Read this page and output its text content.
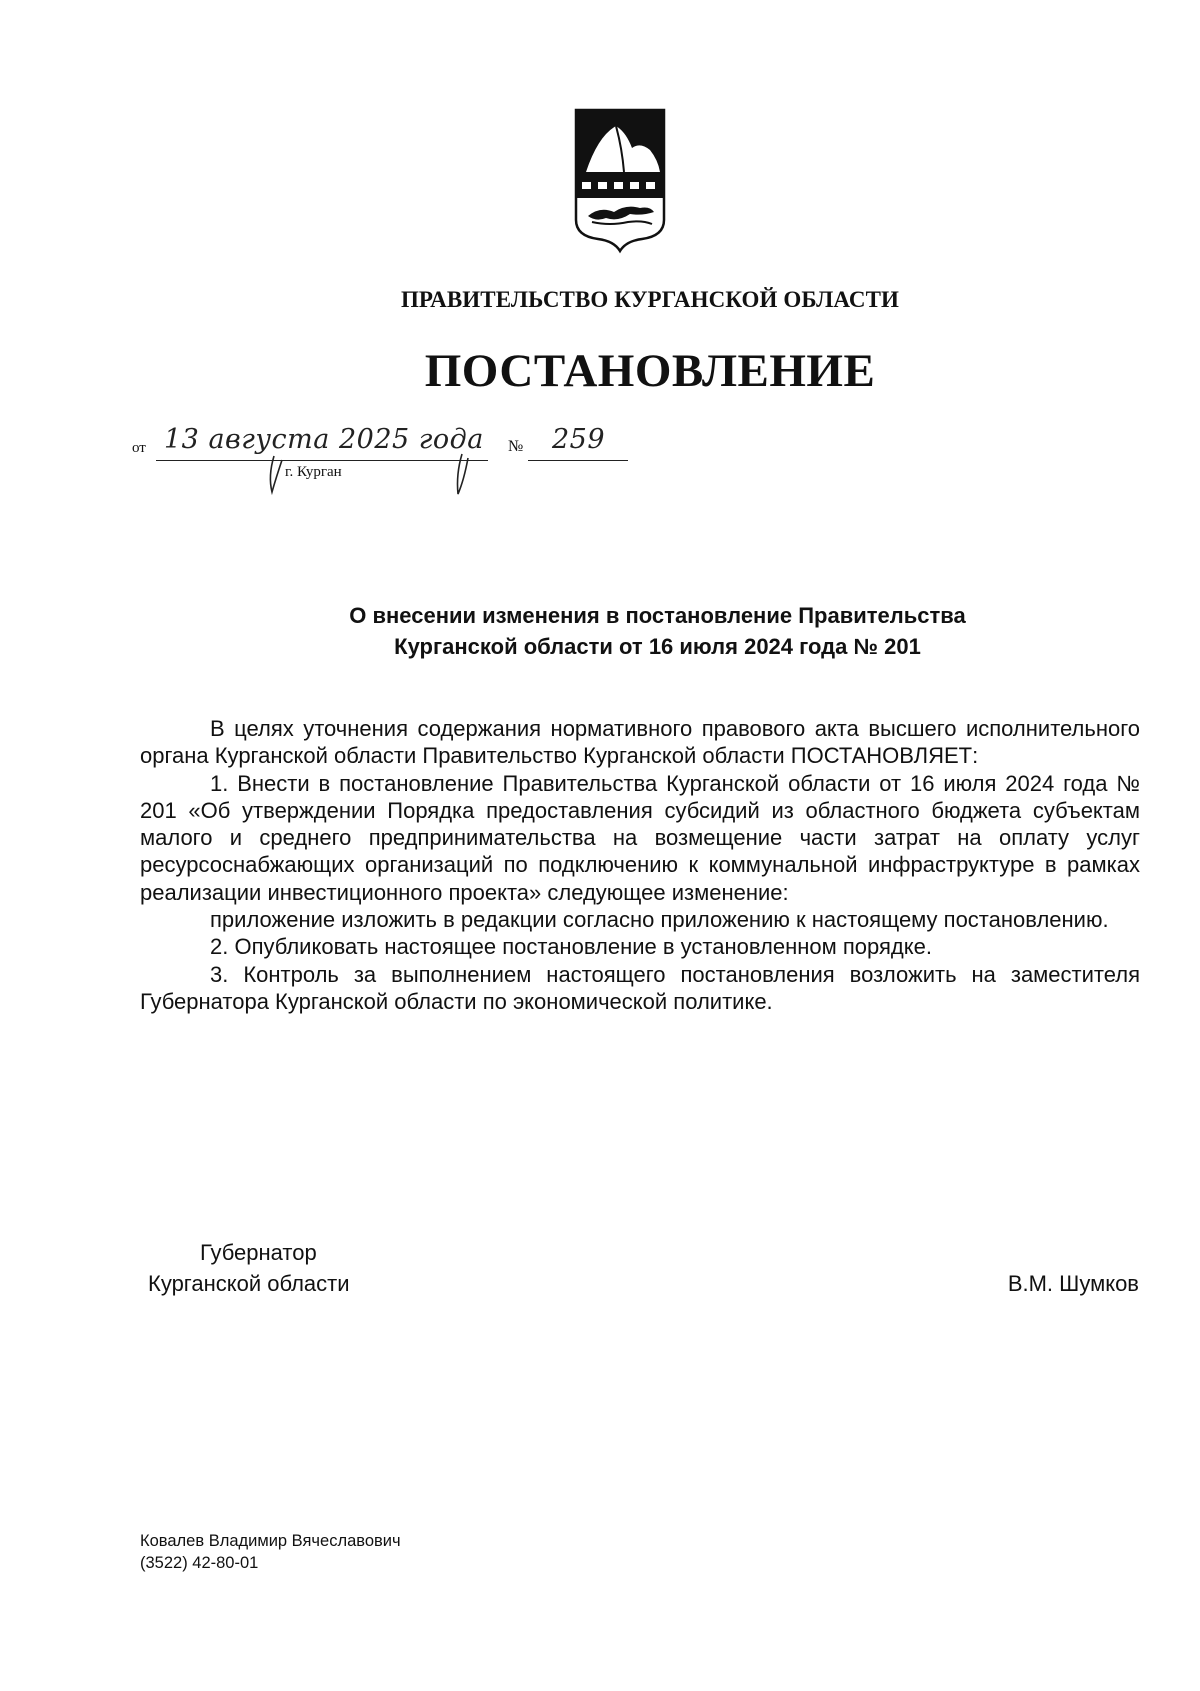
ПРАВИТЕЛЬСТВО КУРГАНСКОЙ ОБЛАСТИ
ПОСТАНОВЛЕНИЕ
от 13 августа 2025 года № 259
г. Курган
О внесении изменения в постановление Правительства
Курганской области от 16 июля 2024 года № 201

В целях уточнения содержания нормативного правового акта высшего исполнительного органа Курганской области Правительство Курганской области ПОСТАНОВЛЯЕТ:

1. Внести в постановление Правительства Курганской области от 16 июля 2024 года № 201 «Об утверждении Порядка предоставления субсидий из областного бюджета субъектам малого и среднего предпринимательства на возмещение части затрат на оплату услуг ресурсоснабжающих организаций по подключению к коммунальной инфраструктуре в рамках реализации инвестиционного проекта» следующее изменение:

приложение изложить в редакции согласно приложению к настоящему постановлению.

2. Опубликовать настоящее постановление в установленном порядке.

3. Контроль за выполнением настоящего постановления возложить на заместителя Губернатора Курганской области по экономической политике.

Губернатор
Курганской области	В.М. Шумков
Ковалев Владимир Вячеславович
(3522) 42-80-01
